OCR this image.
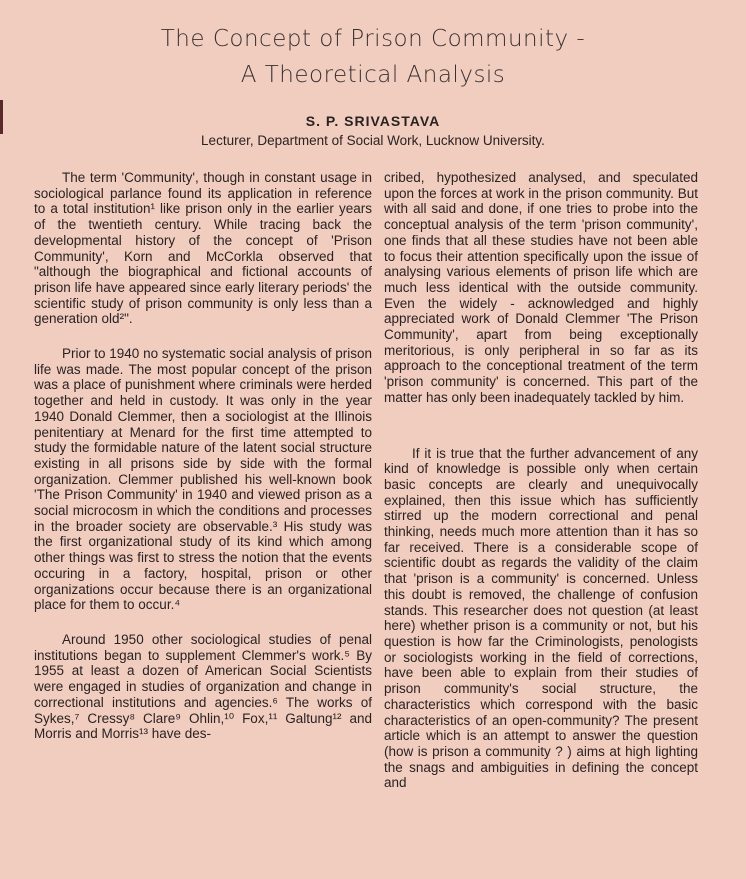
The Concept of Prison Community -
A Theoretical Analysis
S. P. SRIVASTAVA
Lecturer, Department of Social Work, Lucknow University.

The term 'Community', though in constant usage in sociological parlance found its application in reference to a total institution¹ like prison only in the earlier years of the twentieth century. While tracing back the developmental history of the concept of 'Prison Community', Korn and McCorkla observed that "although the biographical and fictional accounts of prison life have appeared since early literary periods' the scientific study of prison community is only less than a generation old²".

Prior to 1940 no systematic social analysis of prison life was made. The most popular concept of the prison was a place of punishment where criminals were herded together and held in custody. It was only in the year 1940 Donald Clemmer, then a sociologist at the Illinois penitentiary at Menard for the first time attempted to study the formidable nature of the latent social structure existing in all prisons side by side with the formal organization. Clemmer published his well-known book 'The Prison Community' in 1940 and viewed prison as a social microcosm in which the conditions and processes in the broader society are observable.³ His study was the first organizational study of its kind which among other things was first to stress the notion that the events occuring in a factory, hospital, prison or other organizations occur because there is an organizational place for them to occur.⁴

Around 1950 other sociological studies of penal institutions began to supplement Clemmer's work.⁵ By 1955 at least a dozen of American Social Scientists were engaged in studies of organization and change in correctional institutions and agencies.⁶ The works of Sykes,⁷ Cressy⁸ Clare⁹ Ohlin,¹⁰ Fox,¹¹ Galtung¹² and Morris and Morris¹³ have des-

cribed, hypothesized analysed, and speculated upon the forces at work in the prison community. But with all said and done, if one tries to probe into the conceptual analysis of the term 'prison community', one finds that all these studies have not been able to focus their attention specifically upon the issue of analysing various elements of prison life which are much less identical with the outside community. Even the widely - acknowledged and highly appreciated work of Donald Clemmer 'The Prison Community', apart from being exceptionally meritorious, is only peripheral in so far as its approach to the conceptional treatment of the term 'prison community' is concerned. This part of the matter has only been inadequately tackled by him.

If it is true that the further advancement of any kind of knowledge is possible only when certain basic concepts are clearly and unequivocally explained, then this issue which has sufficiently stirred up the modern correctional and penal thinking, needs much more attention than it has so far received. There is a considerable scope of scientific doubt as regards the validity of the claim that 'prison is a community' is concerned. Unless this doubt is removed, the challenge of confusion stands. This researcher does not question (at least here) whether prison is a community or not, but his question is how far the Criminologists, penologists or sociologists working in the field of corrections, have been able to explain from their studies of prison community's social structure, the characteristics which correspond with the basic characteristics of an open-community? The present article which is an attempt to answer the question (how is prison a community ? ) aims at high lighting the snags and ambiguities in defining the concept and
